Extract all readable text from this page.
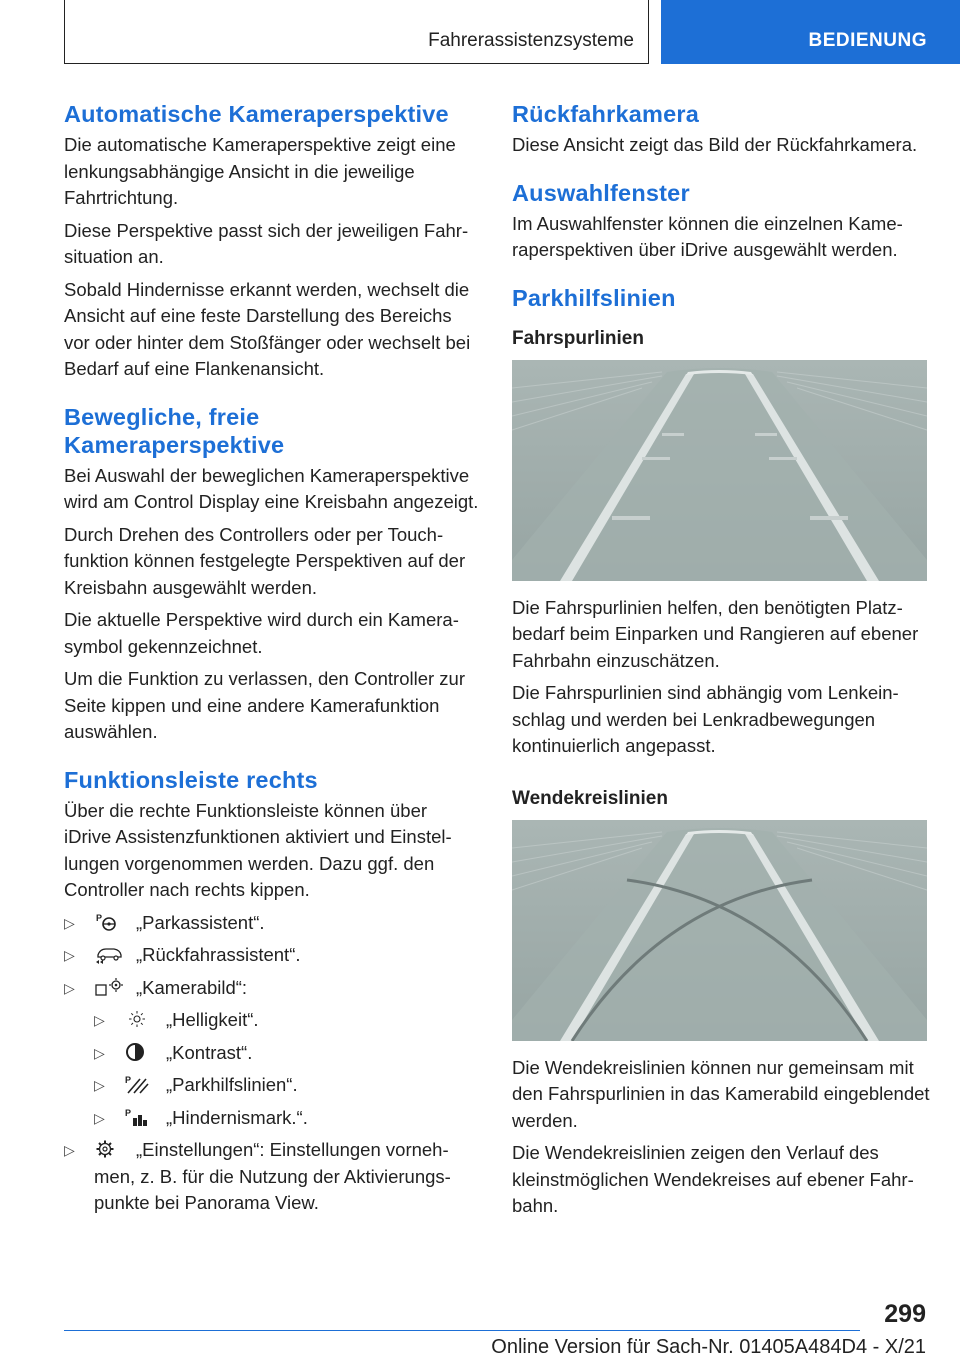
Fahrerassistenzsysteme	BEDIENUNG
Automatische Kameraperspektive

Die automatische Kameraperspektive zeigt eine lenkungsabhängige Ansicht in die jeweilige Fahrtrichtung.

Diese Perspektive passt sich der jeweiligen Fahrsituation an.

Sobald Hindernisse erkannt werden, wechselt die Ansicht auf eine feste Darstellung des Bereichs vor oder hinter dem Stoßfänger oder wechselt bei Bedarf auf eine Flankenansicht.

Bewegliche, freie Kameraperspektive

Bei Auswahl der beweglichen Kameraperspektive wird am Control Display eine Kreisbahn angezeigt.

Durch Drehen des Controllers oder per Touchfunktion können festgelegte Perspektiven auf der Kreisbahn ausgewählt werden.

Die aktuelle Perspektive wird durch ein Kamerasymbol gekennzeichnet.

Um die Funktion zu verlassen, den Controller zur Seite kippen und eine andere Kamerafunktion auswählen.

Funktionsleiste rechts

Über die rechte Funktionsleiste können über iDrive Assistenzfunktionen aktiviert und Einstellungen vorgenommen werden. Dazu ggf. den Controller nach rechts kippen.

▷ P „Parkassistent“.
▷	„Rückfahrassistent“.
▷	„Kamerabild“:
▷	„Helligkeit“.
▷	„Kontrast“.
▷ P „Parkhilfslinien“.
▷ P „Hindernismark.“.
▷	„Einstellungen“: Einstellungen vornehmen, z. B. für die Nutzung der Aktivierungspunkte bei Panorama View.
Rückfahrkamera

Diese Ansicht zeigt das Bild der Rückfahrkamera.

Auswahlfenster

Im Auswahlfenster können die einzelnen Kameraperspektiven über iDrive ausgewählt werden.

Parkhilfslinien
Fahrspurlinien

Die Fahrspurlinien helfen, den benötigten Platzbedarf beim Einparken und Rangieren auf ebener Fahrbahn einzuschätzen.

Die Fahrspurlinien sind abhängig vom Lenkeinschlag und werden bei Lenkradbewegungen kontinuierlich angepasst.

Wendekreislinien

Die Wendekreislinien können nur gemeinsam mit den Fahrspurlinien in das Kamerabild eingeblendet werden.

Die Wendekreislinien zeigen den Verlauf des kleinstmöglichen Wendekreises auf ebener Fahrbahn.

299
Online Version für Sach-Nr. 01405A484D4 - X/21
